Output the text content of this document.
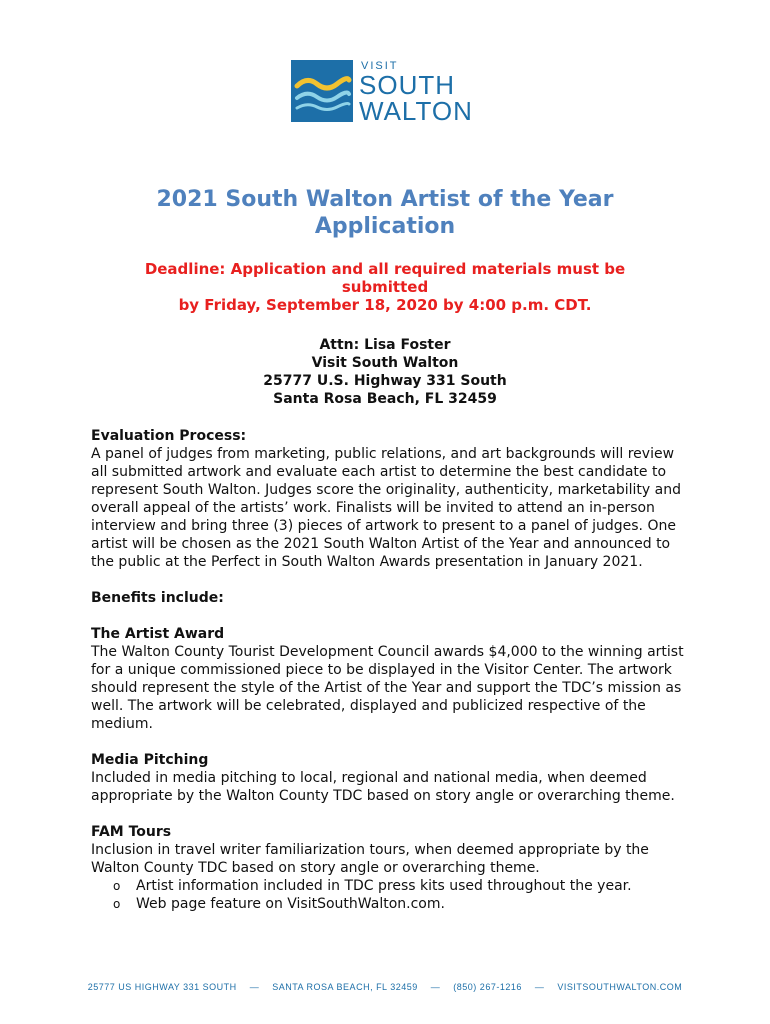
VISIT
SOUTH
WALTON
2021 South Walton Artist of the Year
Application
Deadline: Application and all required materials must be
submitted
by Friday, September 18, 2020 by 4:00 p.m. CDT.
Attn: Lisa Foster
Visit South Walton
25777 U.S. Highway 331 South
Santa Rosa Beach, FL 32459
Evaluation Process:

A panel of judges from marketing, public relations, and art backgrounds will review all submitted artwork and evaluate each artist to determine the best candidate to represent South Walton. Judges score the originality, authenticity, marketability and overall appeal of the artists’ work. Finalists will be invited to attend an in-person interview and bring three (3) pieces of artwork to present to a panel of judges. One artist will be chosen as the 2021 South Walton Artist of the Year and announced to the public at the Perfect in South Walton Awards presentation in January 2021.

Benefits include:
The Artist Award

The Walton County Tourist Development Council awards $4,000 to the winning artist for a unique commissioned piece to be displayed in the Visitor Center. The artwork should represent the style of the Artist of the Year and support the TDC’s mission as well. The artwork will be celebrated, displayed and publicized respective of the medium.

Media Pitching

Included in media pitching to local, regional and national media, when deemed appropriate by the Walton County TDC based on story angle or overarching theme.

FAM Tours

Inclusion in travel writer familiarization tours, when deemed appropriate by the Walton County TDC based on story angle or overarching theme.

o Artist information included in TDC press kits used throughout the year.
o Web page feature on VisitSouthWalton.com.
25777 US HIGHWAY 331 SOUTH — SANTA ROSA BEACH, FL 32459 — (850) 267-1216 — VISITSOUTHWALTON.COM
